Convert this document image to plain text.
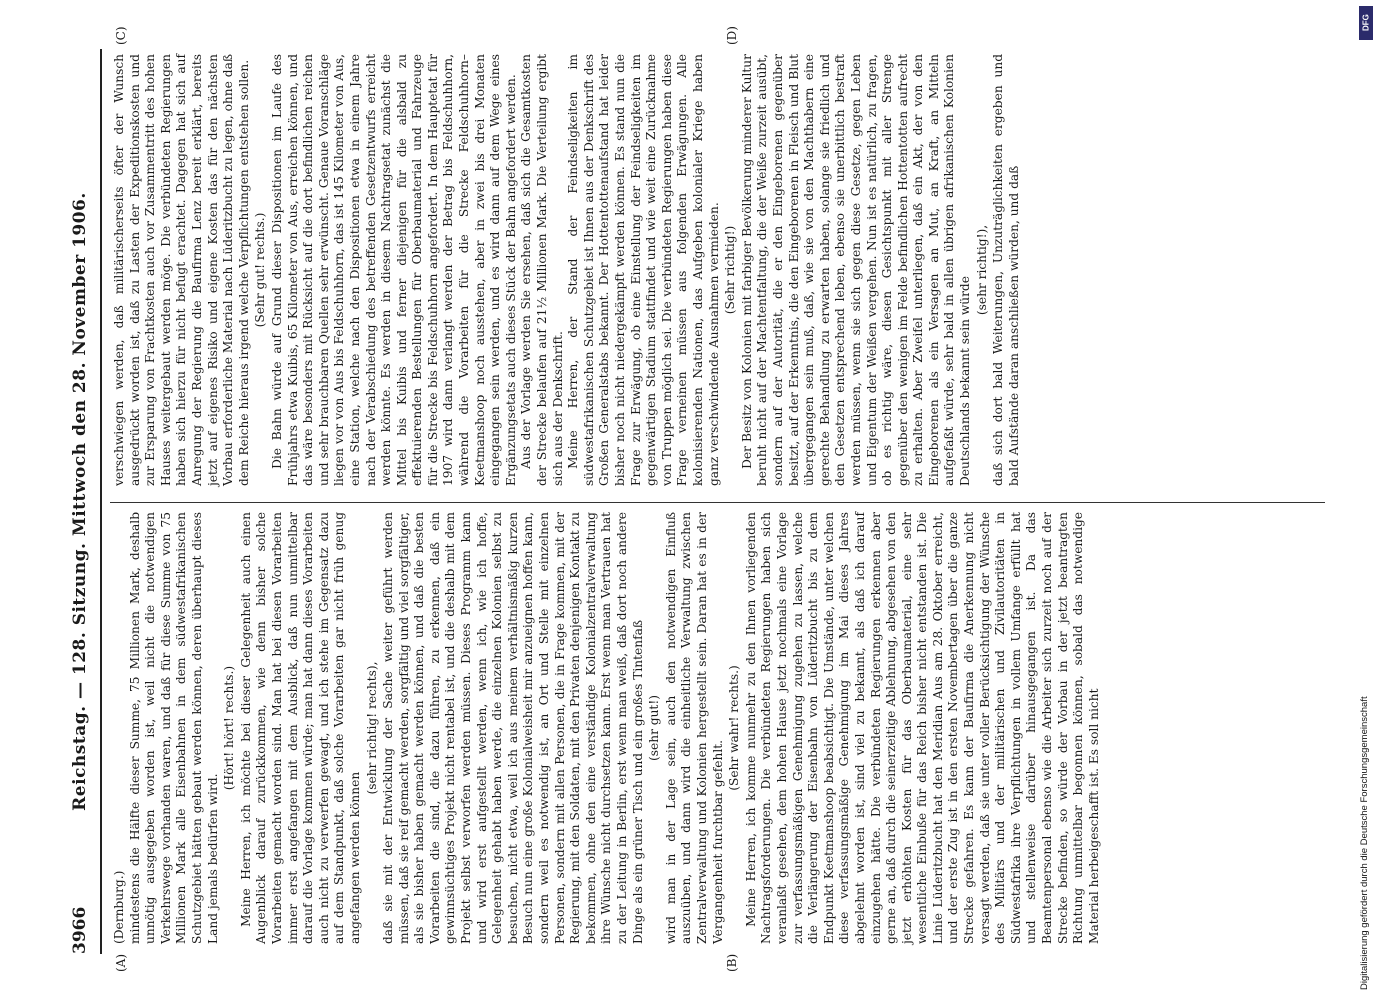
3966
Reichstag. — 128. Sitzung. Mittwoch den 28. November 1906.
(A)	(B)
(C)	(D)

(Dernburg.) mindestens die Hälfte dieser Summe, 75 Millionen Mark, deshalb unnötig ausgegeben worden ist, weil nicht die notwendigen Verkehrswege vorhanden waren, und daß für diese Summe von 75 Millionen Mark alle Eisenbahnen in dem südwestafrikanischen Schutzgebiet hätten gebaut werden können, deren überhaupt dieses Land jemals bedürfen wird.

(Hört! hört! rechts.) Meine Herren, ich möchte bei dieser Gelegenheit auch einen Augenblick darauf zurückkommen, wie denn bisher solche Vorarbeiten gemacht worden sind. Man hat bei diesen Vorarbeiten immer erst angefangen mit dem Ausblick, daß nun unmittelbar darauf die Vorlage kommen würde; man hat dann dieses Vorarbeiten auch nicht zu verwerfen gewagt, und ich stehe im Gegensatz dazu auf dem Standpunkt, daß solche Vorarbeiten gar nicht früh genug angefangen werden können

(sehr richtig! rechts), daß sie mit der Entwicklung der Sache weiter geführt werden müssen, daß sie reif gemacht werden, sorgfältig und viel sorgfältiger, als sie bisher haben gemacht werden können, und daß die besten Vorarbeiten die sind, die dazu führen, zu erkennen, daß ein gewinnsüchtiges Projekt nicht rentabel ist, und die deshalb mit dem Projekt selbst verworfen werden müssen. Dieses Programm kann und wird erst aufgestellt werden, wenn ich, wie ich hoffe, Gelegenheit gehabt haben werde, die einzelnen Kolonien selbst zu besuchen, nicht etwa, weil ich aus meinem verhältnismäßig kurzen Besuch nun eine große Kolonialweisheit mir anzueignen hoffen kann, sondern weil es notwendig ist, an Ort und Stelle mit einzelnen Personen, sondern mit allen Personen, die in Frage kommen, mit der Regierung, mit den Soldaten, mit den Privaten denjenigen Kontakt zu bekommen, ohne den eine verständige Kolonialzentralverwaltung ihre Wünsche nicht durchsetzen kann. Erst wenn man Vertrauen hat zu der Leitung in Berlin, erst wenn man weiß, daß dort noch andere Dinge als ein grüner Tisch und ein großes Tintenfaß (sehr gut!) wird man in der Lage sein, auch den notwendigen Einfluß auszuüben, und dann wird die einheitliche Verwaltung zwischen Zentralverwaltung und Kolonien hergestellt sein. Daran hat es in der Vergangenheit furchtbar gefehlt.

(Sehr wahr! rechts.) Meine Herren, ich komme nunmehr zu den Ihnen vorliegenden Nachtragsforderungen. Die verbündeten Regierungen haben sich veranlaßt gesehen, dem hohen Hause jetzt nochmals eine Vorlage zur verfassungsmäßigen Genehmigung zugehen zu lassen, welche die Verlängerung der Eisenbahn von Lüderitzbucht bis zu dem Endpunkt Keetmanshoop beabsichtigt. Die Umstände, unter welchen diese verfassungsmäßige Genehmigung im Mai dieses Jahres abgelehnt worden ist, sind viel zu bekannt, als daß ich darauf einzugehen hätte. Die verbündeten Regierungen erkennen aber gerne an, daß durch die seinerzeitige Ablehnung, abgesehen von den jetzt erhöhten Kosten für das Oberbaumaterial, eine sehr wesentliche Einbuße für das Reich bisher nicht entstanden ist. Die Linie Lüderitzbucht hat den Meridian Aus am 28. Oktober erreicht, und der erste Zug ist in den ersten Novembertagen über die ganze Strecke gefahren. Es kann der Baufirma die Anerkennung nicht versagt werden, daß sie unter voller Berücksichtigung der Wünsche des Militärs und der militärischen und Zivilautoritäten in Südwestafrika ihre Verpflichtungen in vollem Umfange erfüllt hat und stellenweise darüber hinausgegangen ist. Da das Beamtenpersonal ebenso wie die Arbeiter sich zurzeit noch auf der Strecke befinden, so würde der Vorbau in der jetzt beantragten Richtung unmittelbar begonnen können, sobald das notwendige Material herbeigeschafft ist. Es soll nicht

verschwiegen werden, daß militärischerseits öfter der Wunsch ausgedrückt worden ist, daß zu Lasten der Expeditionskosten und zur Ersparung von Frachtkosten auch vor Zusammentritt des hohen Hauses weitergebaut werden möge. Die verbündeten Regierungen haben sich hierzu für nicht befugt erachtet. Dagegen hat sich auf Anregung der Regierung die Baufirma Lenz bereit erklärt, bereits jetzt auf eigenes Risiko und eigene Kosten das für den nächsten Vorbau erforderliche Material nach Lüderitzbucht zu legen, ohne daß dem Reiche hieraus irgend welche Verpflichtungen entstehen sollen. (Sehr gut! rechts.) Die Bahn würde auf Grund dieser Dispositionen im Laufe des Frühjahrs etwa Kuibis, 65 Kilometer von Aus, erreichen können, und das wäre besonders mit Rücksicht auf die dort befindlichen reichen und sehr brauchbaren Quellen sehr erwünscht. Genaue Voranschläge liegen vor von Aus bis Feldschuhhorn, das ist 145 Kilometer von Aus, eine Station, welche nach den Dispositionen etwa in einem Jahre nach der Verabschiedung des betreffenden Gesetzentwurfs erreicht werden könnte. Es werden in diesem Nachtragsetat zunächst die Mittel bis Kuibis und ferner diejenigen für die alsbald zu effektuierenden Bestellungen für Oberbaumaterial und Fahrzeuge für die Strecke bis Feldschuhhorn angefordert. In dem Hauptetat für 1907 wird dann verlangt werden der Betrag bis Feldschuhhorn, während die Vorarbeiten für die Strecke Feldschuhhorn–Keetmanshoop noch ausstehen, aber in zwei bis drei Monaten eingegangen sein werden, und es wird dann auf dem Wege eines Ergänzungsetats auch dieses Stück der Bahn angefordert werden. Aus der Vorlage werden Sie ersehen, daß sich die Gesamtkosten der Strecke belaufen auf 21½ Millionen Mark. Die Verteilung ergibt sich aus der Denkschrift. Meine Herren, der Stand der Feindseligkeiten im südwestafrikanischen Schutzgebiet ist Ihnen aus der Denkschrift des Großen Generalstabs bekannt. Der Hottentottenaufstand hat leider bisher noch nicht niedergekämpft werden können. Es stand nun die Frage zur Erwägung, ob eine Einstellung der Feindseligkeiten im gegenwärtigen Stadium stattfindet und wie weit eine Zurücknahme von Truppen möglich sei. Die verbündeten Regierungen haben diese Frage verneinen müssen aus folgenden Erwägungen. Alle kolonisierenden Nationen, das Aufgeben kolonialer Kriege haben ganz verschwindende Ausnahmen vermieden. (Sehr richtig!) Der Besitz von Kolonien mit farbiger Bevölkerung minderer Kultur beruht nicht auf der Machtentfaltung, die der Weiße zurzeit ausübt, sondern auf der Autorität, die er den Eingeborenen gegenüber besitzt, auf der Erkenntnis, die den Eingeborenen in Fleisch und Blut übergegangen sein muß, daß, wie sie von den Machthabern eine gerechte Behandlung zu erwarten haben, solange sie friedlich und den Gesetzen entsprechend leben, ebenso sie unerbittlich bestraft werden müssen, wenn sie sich gegen diese Gesetze, gegen Leben und Eigentum der Weißen vergehen. Nun ist es natürlich, zu fragen, ob es richtig wäre, diesen Gesichtspunkt mit aller Strenge gegenüber den wenigen im Felde befindlichen Hottentotten aufrecht zu erhalten. Aber Zweifel unterliegen, daß ein Akt, der von den Eingeborenen als ein Versagen an Mut, an Kraft, an Mitteln aufgefaßt würde, sehr bald in allen übrigen afrikanischen Kolonien Deutschlands bekannt sein würde

(sehr richtig!), daß sich dort bald Weiterungen, Unzuträglichkeiten ergeben und bald Aufstände daran anschließen würden, und daß

DFG
Digitalisierung gefördert durch die Deutsche Forschungsgemeinschaft
